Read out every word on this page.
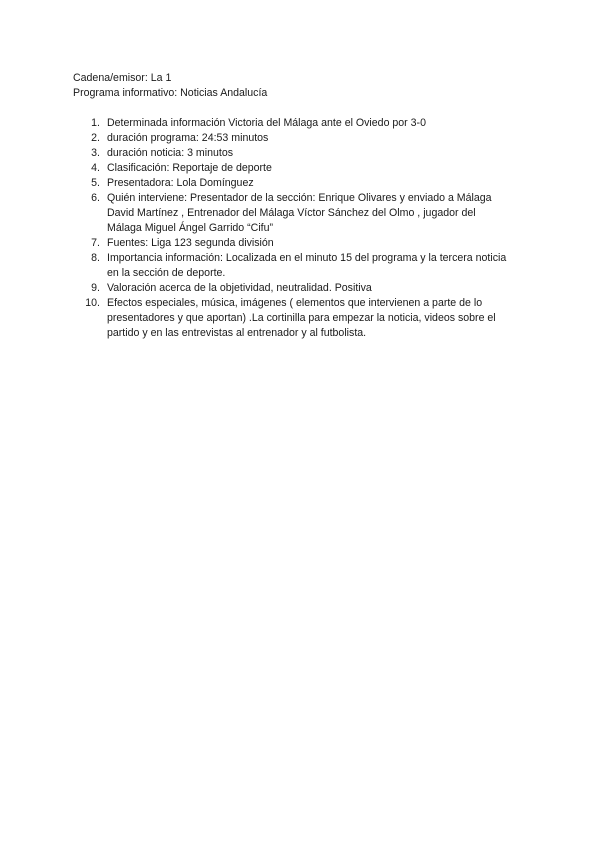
Cadena/emisor: La 1
Programa informativo: Noticias Andalucía
1. Determinada información Victoria del Málaga ante el Oviedo por 3-0
2. duración programa: 24:53 minutos
3. duración noticia: 3 minutos
4. Clasificación: Reportaje de deporte
5. Presentadora: Lola Domínguez
6. Quién interviene: Presentador de la sección: Enrique Olivares y enviado a Málaga
David Martínez , Entrenador del Málaga Víctor Sánchez del Olmo , jugador del
Málaga Miguel Ángel Garrido “Cifu”
7. Fuentes: Liga 123 segunda división
8. Importancia información: Localizada en el minuto 15 del programa y la tercera noticia
en la sección de deporte.
9. Valoración acerca de la objetividad, neutralidad. Positiva
10. Efectos especiales, música, imágenes ( elementos que intervienen a parte de lo
presentadores y que aportan) .La cortinilla para empezar la noticia, videos sobre el
partido y en las entrevistas al entrenador y al futbolista.
